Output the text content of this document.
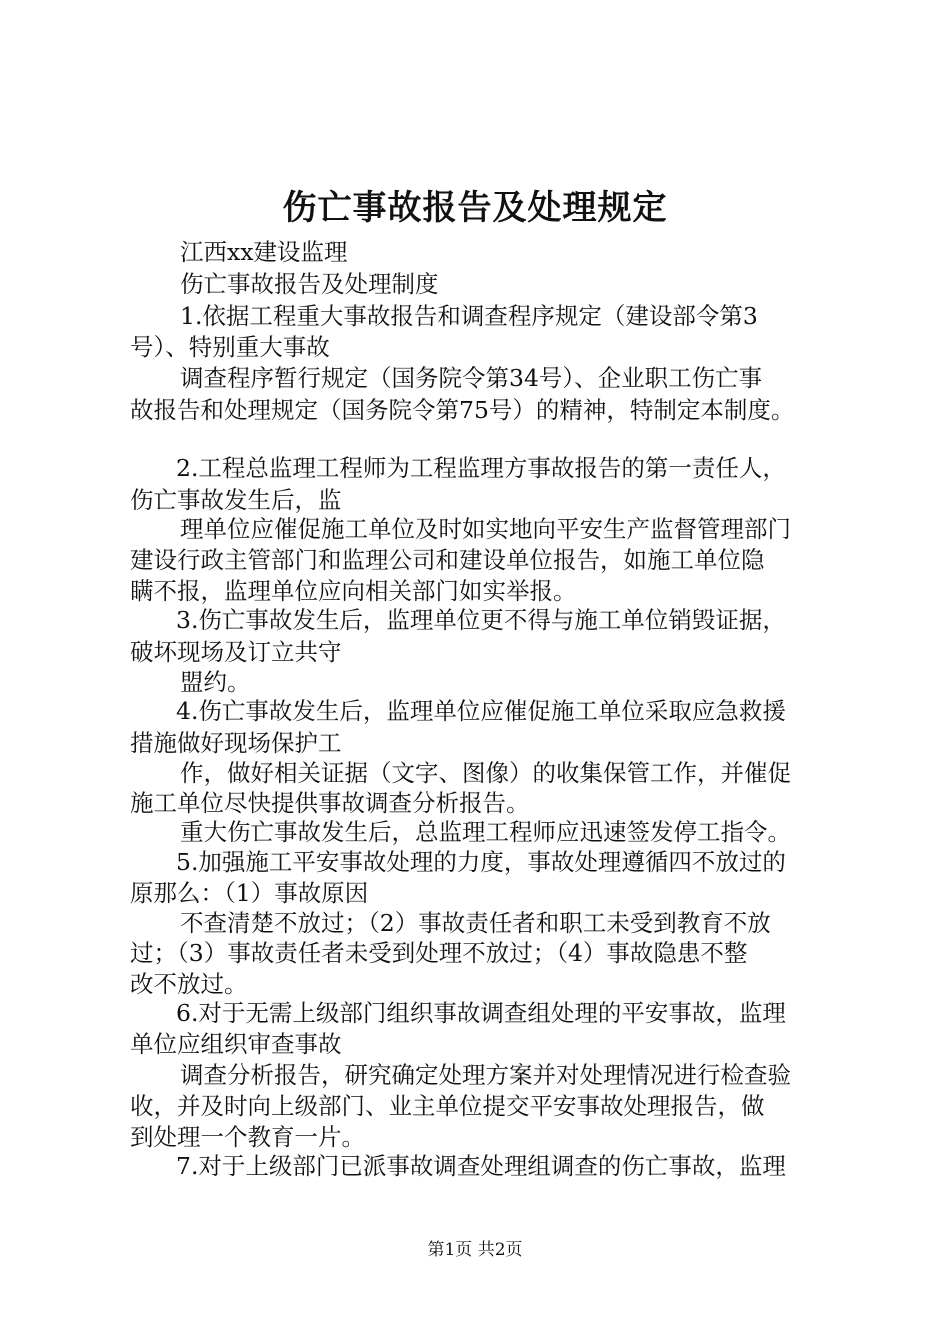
伤亡事故报告及处理规定
江西xx建设监理
伤亡事故报告及处理制度
1.依据工程重大事故报告和调查程序规定（建设部令第3
号）、特别重大事故
调查程序暂行规定（国务院令第34号）、企业职工伤亡事
故报告和处理规定（国务院令第75号）的精神，特制定本制度。
2.工程总监理工程师为工程监理方事故报告的第一责任人，
伤亡事故发生后，监
理单位应催促施工单位及时如实地向平安生产监督管理部门
建设行政主管部门和监理公司和建设单位报告，如施工单位隐
瞒不报，监理单位应向相关部门如实举报。
3.伤亡事故发生后，监理单位更不得与施工单位销毁证据，
破坏现场及订立共守
盟约。
4.伤亡事故发生后，监理单位应催促施工单位采取应急救援
措施做好现场保护工
作，做好相关证据（文字、图像）的收集保管工作，并催促
施工单位尽快提供事故调查分析报告。
重大伤亡事故发生后，总监理工程师应迅速签发停工指令。
5.加强施工平安事故处理的力度，事故处理遵循四不放过的
原那么：（1）事故原因
不查清楚不放过；（2）事故责任者和职工未受到教育不放
过；（3）事故责任者未受到处理不放过；（4）事故隐患不整
改不放过。
6.对于无需上级部门组织事故调查组处理的平安事故，监理
单位应组织审查事故
调查分析报告，研究确定处理方案并对处理情况进行检查验
收，并及时向上级部门、业主单位提交平安事故处理报告，做
到处理一个教育一片。
7.对于上级部门已派事故调查处理组调查的伤亡事故，监理
第1页 共2页
